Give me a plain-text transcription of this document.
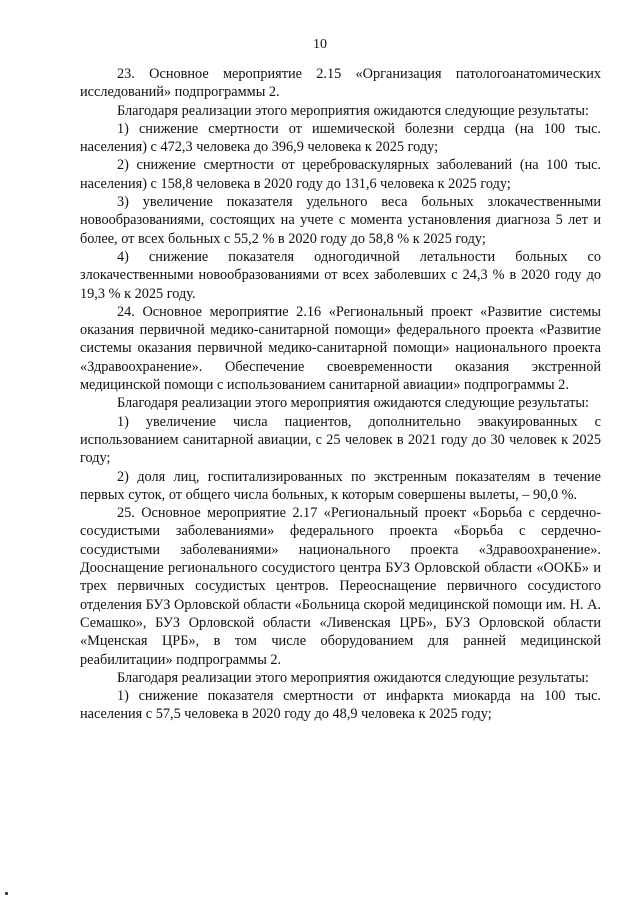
10

23. Основное мероприятие 2.15 «Организация патологоанатомических исследований» подпрограммы 2.

Благодаря реализации этого мероприятия ожидаются следующие результаты:

1) снижение смертности от ишемической болезни сердца (на 100 тыс. населения) с 472,3 человека до 396,9 человека к 2025 году;

2) снижение смертности от цереброваскулярных заболеваний (на 100 тыс. населения) с 158,8 человека в 2020 году до 131,6 человека к 2025 году;

3) увеличение показателя удельного веса больных злокачественными новообразованиями, состоящих на учете с момента установления диагноза 5 лет и более, от всех больных с 55,2 % в 2020 году до 58,8 % к 2025 году;

4) снижение показателя одногодичной летальности больных со злокачественными новообразованиями от всех заболевших с 24,3 % в 2020 году до 19,3 % к 2025 году.

24. Основное мероприятие 2.16 «Региональный проект «Развитие системы оказания первичной медико-санитарной помощи» федерального проекта «Развитие системы оказания первичной медико-санитарной помощи» национального проекта «Здравоохранение». Обеспечение своевременности оказания экстренной медицинской помощи с использованием санитарной авиации» подпрограммы 2.

Благодаря реализации этого мероприятия ожидаются следующие результаты:

1) увеличение числа пациентов, дополнительно эвакуированных с использованием санитарной авиации, с 25 человек в 2021 году до 30 человек к 2025 году;

2) доля лиц, госпитализированных по экстренным показателям в течение первых суток, от общего числа больных, к которым совершены вылеты, – 90,0 %.

25. Основное мероприятие 2.17 «Региональный проект «Борьба с сердечно-сосудистыми заболеваниями» федерального проекта «Борьба с сердечно-сосудистыми заболеваниями» национального проекта «Здравоохранение». Дооснащение регионального сосудистого центра БУЗ Орловской области «ООКБ» и трех первичных сосудистых центров. Переоснащение первичного сосудистого отделения БУЗ Орловской области «Больница скорой медицинской помощи им. Н. А. Семашко», БУЗ Орловской области «Ливенская ЦРБ», БУЗ Орловской области «Мценская ЦРБ», в том числе оборудованием для ранней медицинской реабилитации» подпрограммы 2.

Благодаря реализации этого мероприятия ожидаются следующие результаты:

1) снижение показателя смертности от инфаркта миокарда на 100 тыс. населения с 57,5 человека в 2020 году до 48,9 человека к 2025 году;
